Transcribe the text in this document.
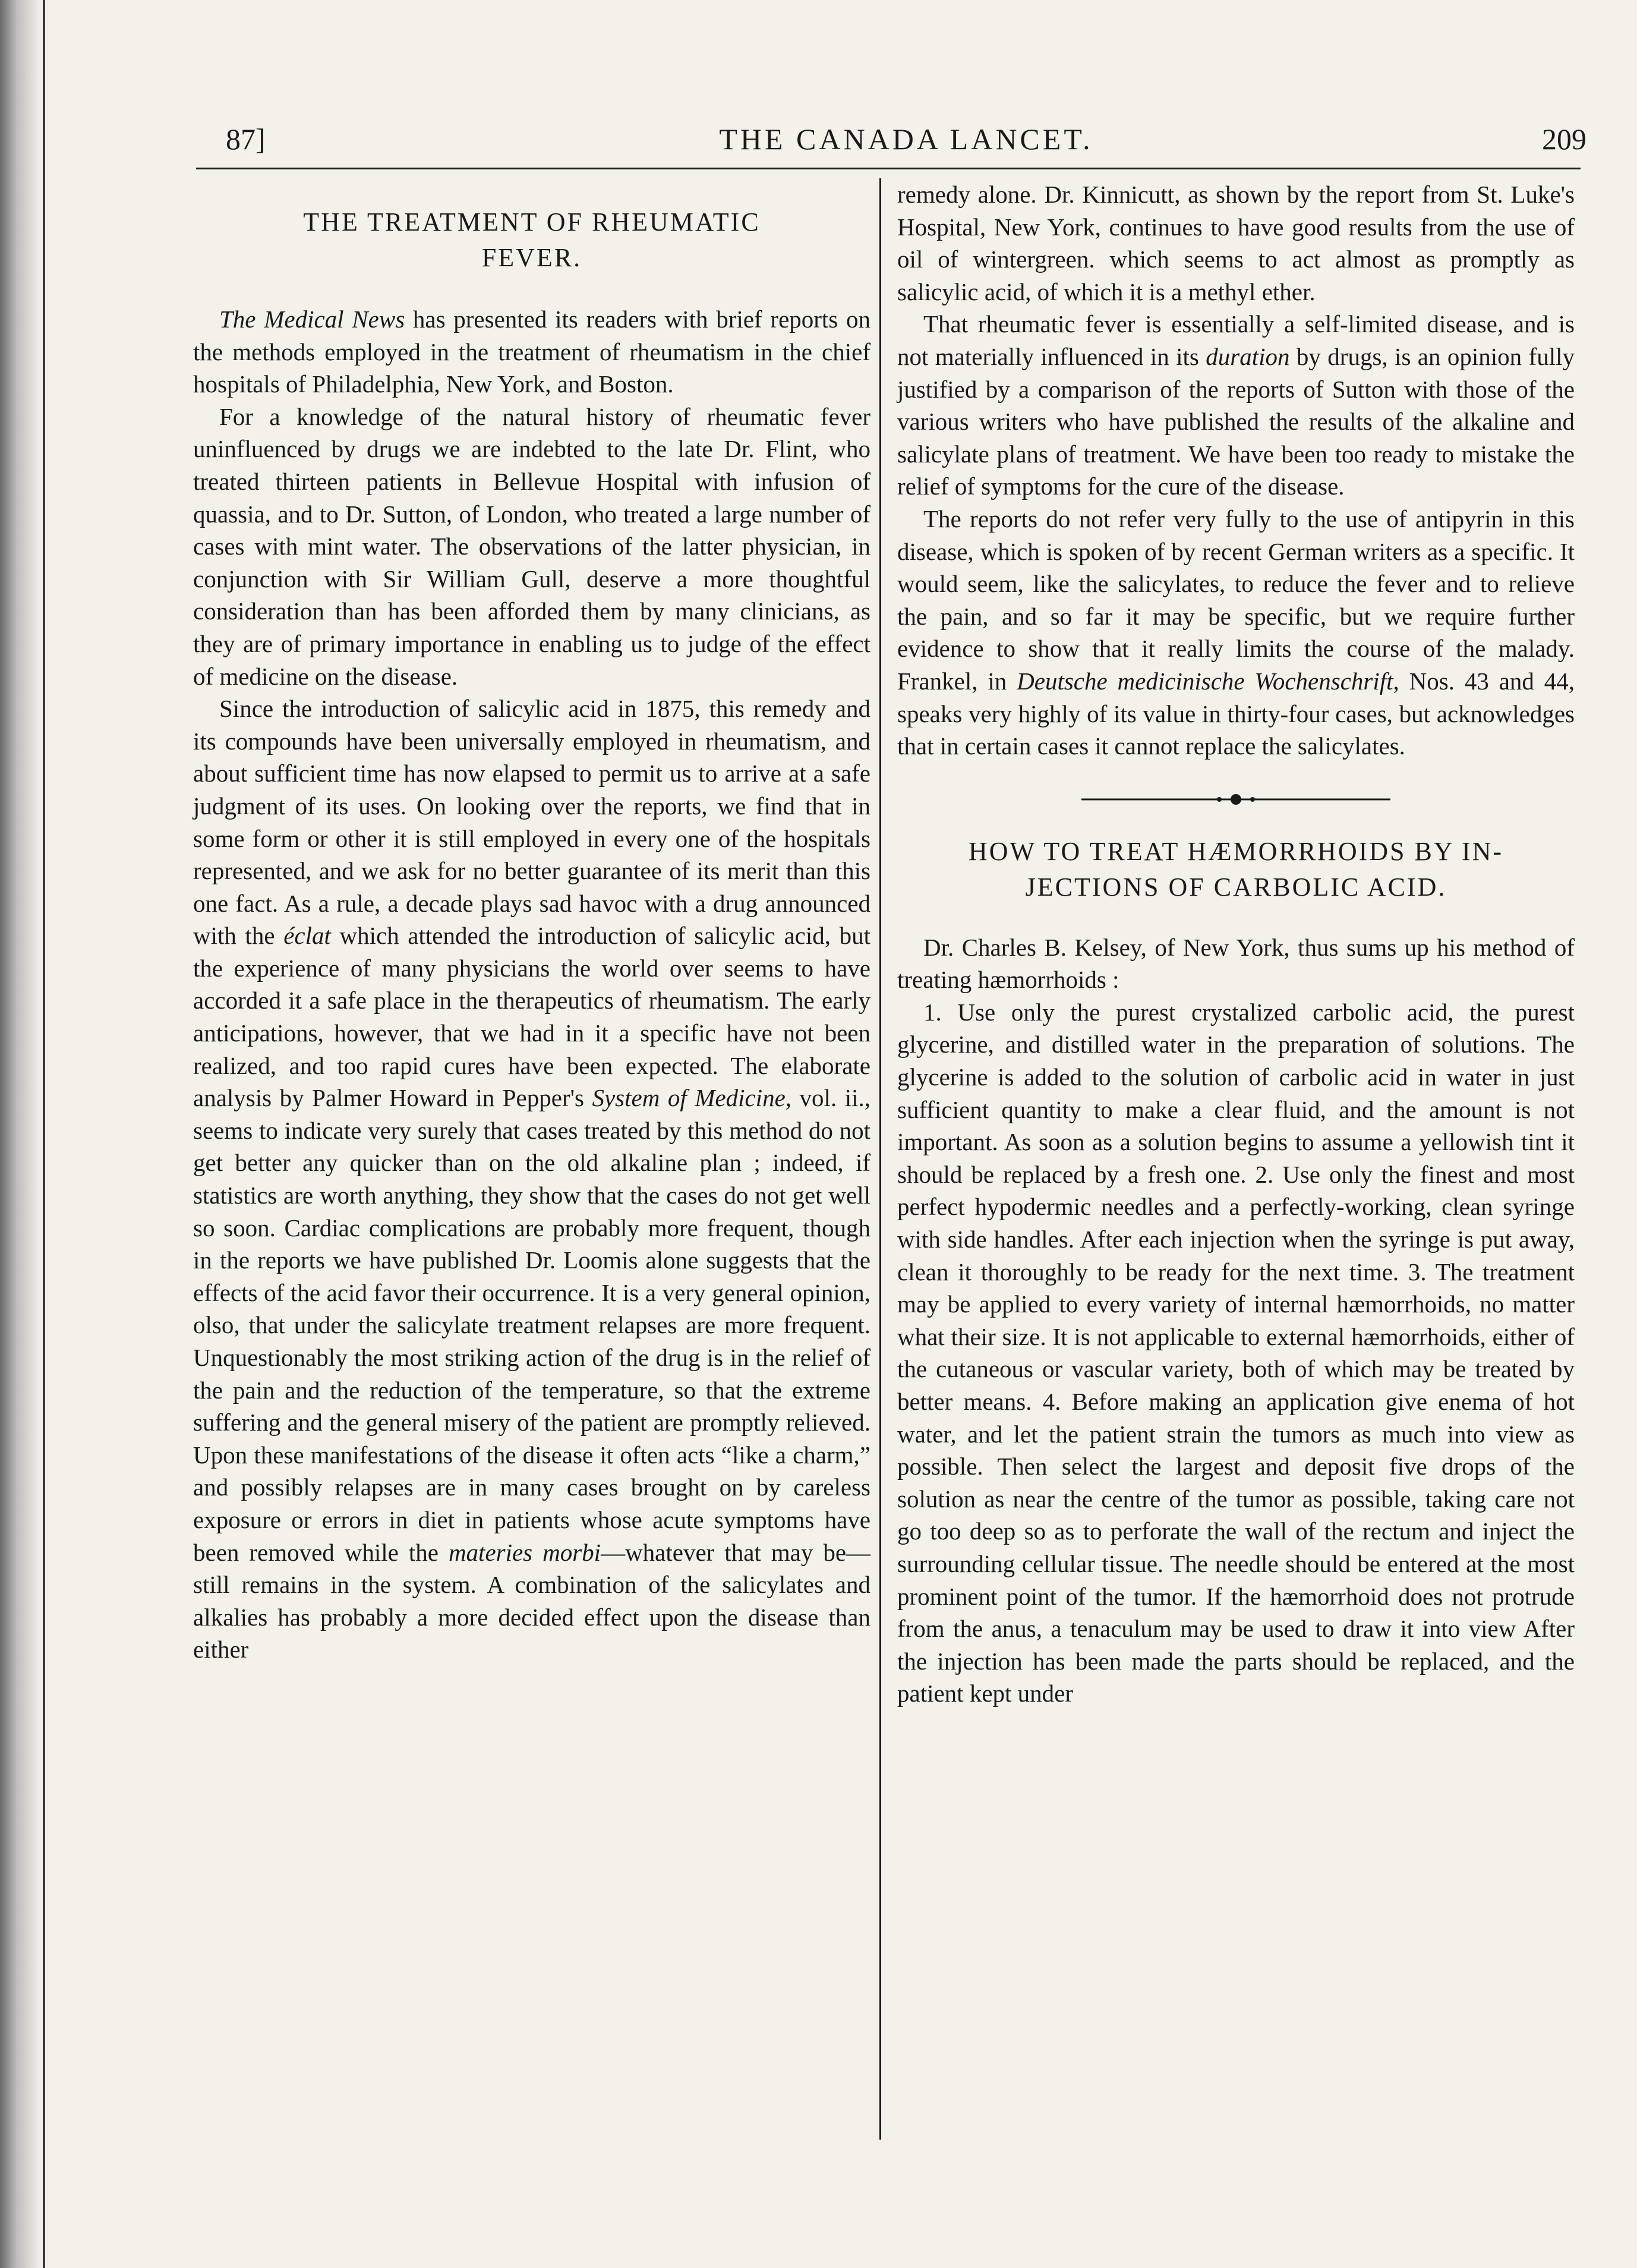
87]	THE CANADA LANCET.	209
THE TREATMENT OF RHEUMATIC
FEVER.

The Medical News has presented its readers with brief reports on the methods employed in the treatment of rheumatism in the chief hospitals of Philadelphia, New York, and Boston.

For a knowledge of the natural history of rheumatic fever uninfluenced by drugs we are indebted to the late Dr. Flint, who treated thirteen patients in Bellevue Hospital with infusion of quassia, and to Dr. Sutton, of London, who treated a large number of cases with mint water. The observations of the latter physician, in conjunction with Sir William Gull, deserve a more thoughtful consideration than has been afforded them by many clinicians, as they are of primary importance in enabling us to judge of the effect of medicine on the disease.

Since the introduction of salicylic acid in 1875, this remedy and its compounds have been universally employed in rheumatism, and about sufficient time has now elapsed to permit us to arrive at a safe judgment of its uses. On looking over the reports, we find that in some form or other it is still employed in every one of the hospitals represented, and we ask for no better guarantee of its merit than this one fact. As a rule, a decade plays sad havoc with a drug announced with the éclat which attended the introduction of salicylic acid, but the experience of many physicians the world over seems to have accorded it a safe place in the therapeutics of rheumatism. The early anticipations, however, that we had in it a specific have not been realized, and too rapid cures have been expected. The elaborate analysis by Palmer Howard in Pepper's System of Medicine, vol. ii., seems to indicate very surely that cases treated by this method do not get better any quicker than on the old alkaline plan ; indeed, if statistics are worth anything, they show that the cases do not get well so soon. Cardiac complications are probably more frequent, though in the reports we have published Dr. Loomis alone suggests that the effects of the acid favor their occurrence. It is a very general opinion, olso, that under the salicylate treatment relapses are more frequent. Unquestionably the most striking action of the drug is in the relief of the pain and the reduction of the temperature, so that the extreme suffering and the general misery of the patient are promptly relieved. Upon these manifestations of the disease it often acts “like a charm,” and possibly relapses are in many cases brought on by careless exposure or errors in diet in patients whose acute symptoms have been removed while the materies morbi—whatever that may be—still remains in the system. A combination of the salicylates and alkalies has probably a more decided effect upon the disease than either

remedy alone. Dr. Kinnicutt, as shown by the report from St. Luke's Hospital, New York, continues to have good results from the use of oil of wintergreen. which seems to act almost as promptly as salicylic acid, of which it is a methyl ether.

That rheumatic fever is essentially a self-limited disease, and is not materially influenced in its duration by drugs, is an opinion fully justified by a comparison of the reports of Sutton with those of the various writers who have published the results of the alkaline and salicylate plans of treatment. We have been too ready to mistake the relief of symptoms for the cure of the disease.

The reports do not refer very fully to the use of antipyrin in this disease, which is spoken of by recent German writers as a specific. It would seem, like the salicylates, to reduce the fever and to relieve the pain, and so far it may be specific, but we require further evidence to show that it really limits the course of the malady. Frankel, in Deutsche medicinische Wochenschrift, Nos. 43 and 44, speaks very highly of its value in thirty-four cases, but acknowledges that in certain cases it cannot replace the salicylates.

HOW TO TREAT HÆMORRHOIDS BY IN-
JECTIONS OF CARBOLIC ACID.

Dr. Charles B. Kelsey, of New York, thus sums up his method of treating hæmorrhoids :

1. Use only the purest crystalized carbolic acid, the purest glycerine, and distilled water in the preparation of solutions. The glycerine is added to the solution of carbolic acid in water in just sufficient quantity to make a clear fluid, and the amount is not important. As soon as a solution begins to assume a yellowish tint it should be replaced by a fresh one. 2. Use only the finest and most perfect hypodermic needles and a perfectly-working, clean syringe with side handles. After each injection when the syringe is put away, clean it thoroughly to be ready for the next time. 3. The treatment may be applied to every variety of internal hæmorrhoids, no matter what their size. It is not applicable to external hæmorrhoids, either of the cutaneous or vascular variety, both of which may be treated by better means. 4. Before making an application give enema of hot water, and let the patient strain the tumors as much into view as possible. Then select the largest and deposit five drops of the solution as near the centre of the tumor as possible, taking care not go too deep so as to perforate the wall of the rectum and inject the surrounding cellular tissue. The needle should be entered at the most prominent point of the tumor. If the hæmorrhoid does not protrude from the anus, a tenaculum may be used to draw it into view After the injection has been made the parts should be replaced, and the patient kept under
